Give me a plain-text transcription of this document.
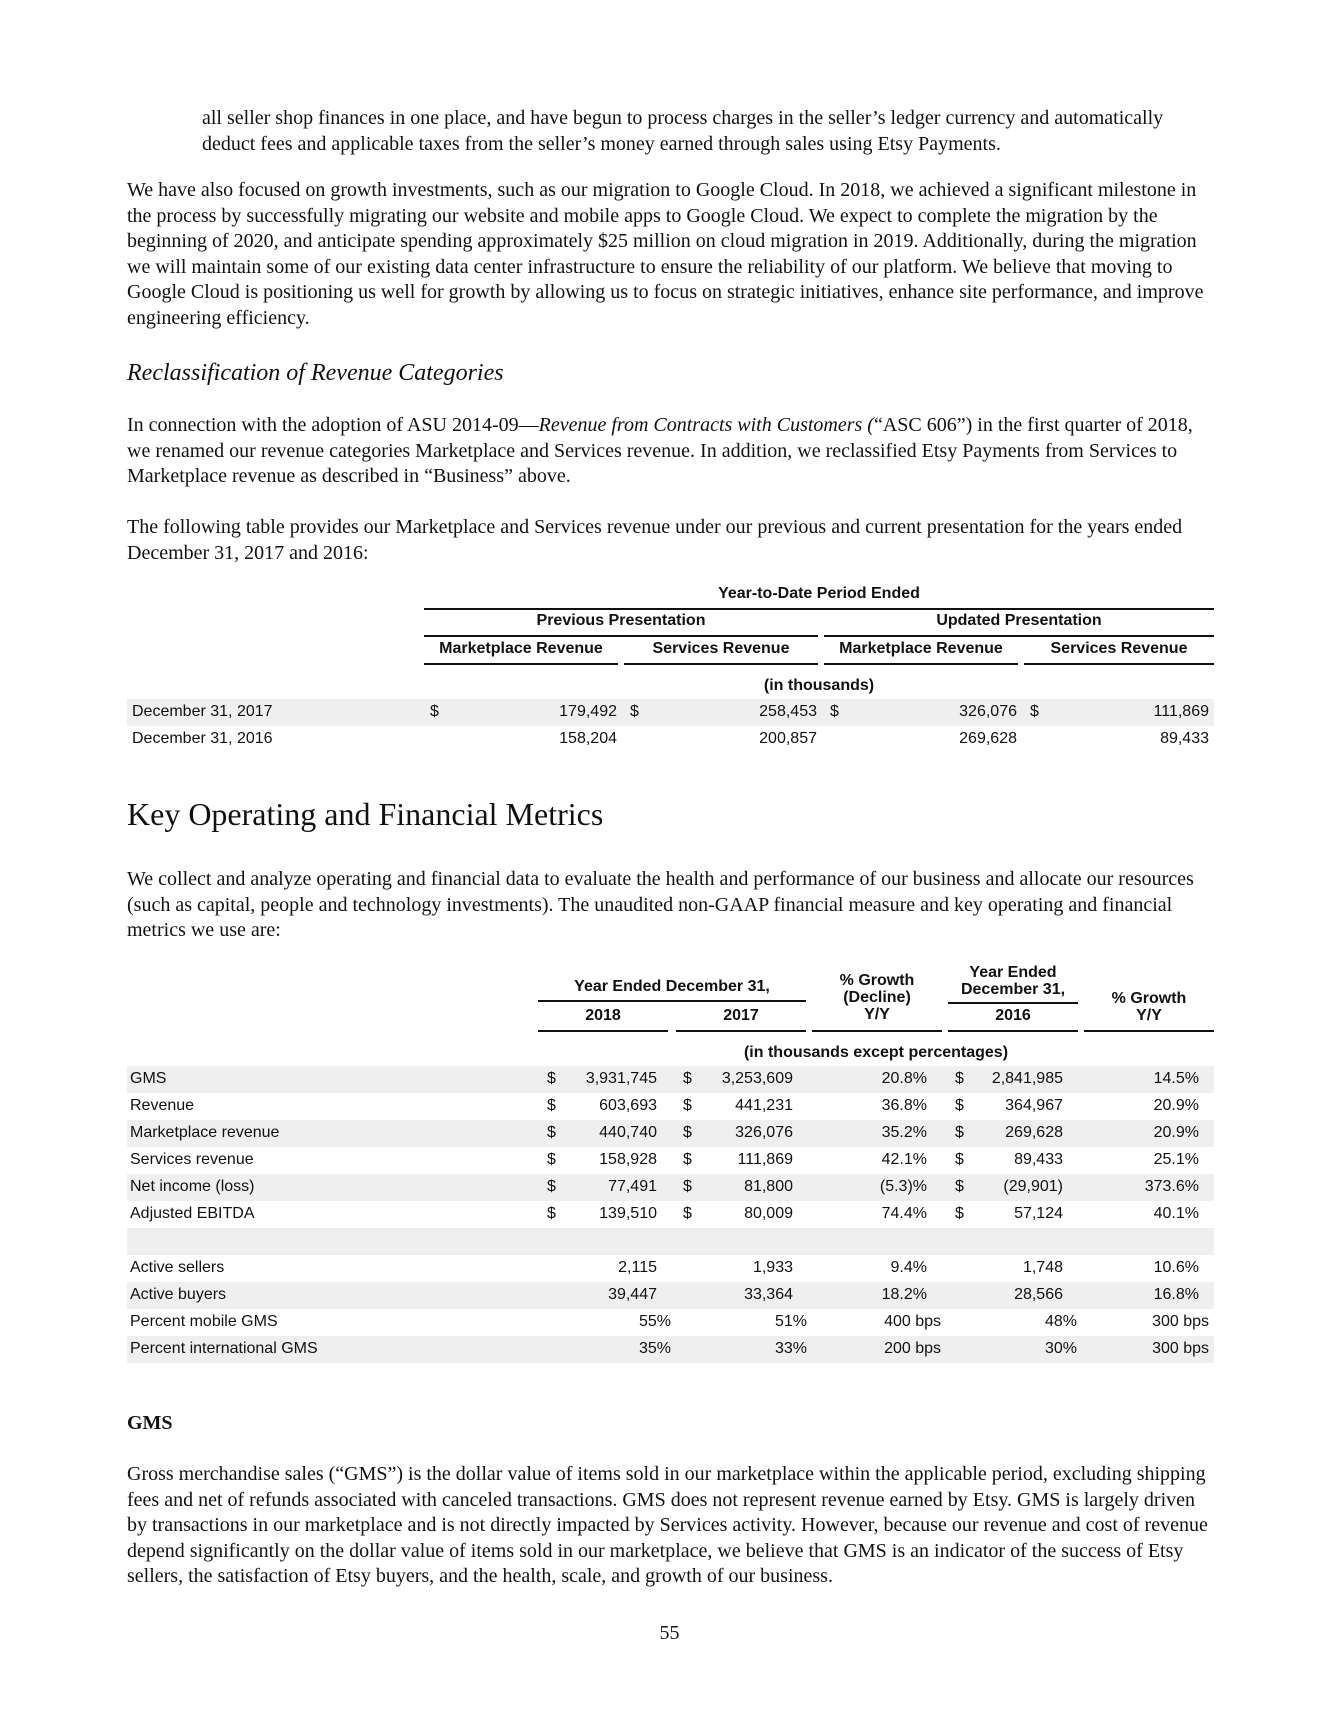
all seller shop finances in one place, and have begun to process charges in the seller’s ledger currency and automatically deduct fees and applicable taxes from the seller’s money earned through sales using Etsy Payments.

We have also focused on growth investments, such as our migration to Google Cloud. In 2018, we achieved a significant milestone in the process by successfully migrating our website and mobile apps to Google Cloud. We expect to complete the migration by the beginning of 2020, and anticipate spending approximately $25 million on cloud migration in 2019. Additionally, during the migration we will maintain some of our existing data center infrastructure to ensure the reliability of our platform. We believe that moving to Google Cloud is positioning us well for growth by allowing us to focus on strategic initiatives, enhance site performance, and improve engineering efficiency.

Reclassification of Revenue Categories

In connection with the adoption of ASU 2014-09—Revenue from Contracts with Customers (“ASC 606”) in the first quarter of 2018, we renamed our revenue categories Marketplace and Services revenue. In addition, we reclassified Etsy Payments from Services to Marketplace revenue as described in “Business” above.

The following table provides our Marketplace and Services revenue under our previous and current presentation for the years ended December 31, 2017 and 2016:

Year-to-Date Period Ended
Previous Presentation	Updated Presentation
Marketplace Revenue	Services Revenue	Marketplace Revenue	Services Revenue
(in thousands)
December 31, 2017	$	179,492 $	258,453 $	326,076 $	111,869
December 31, 2016	158,204	200,857	269,628	89,433
Key Operating and Financial Metrics

We collect and analyze operating and financial data to evaluate the health and performance of our business and allocate our resources (such as capital, people and technology investments). The unaudited non-GAAP financial measure and key operating and financial metrics we use are:

Year Ended December 31,
2018	2017
% Growth
(Decline)
Y/Y
Year Ended
December 31,
2016
% Growth
Y/Y
(in thousands except percentages)
GMS	$	3,931,745 $	3,253,609	20.8% $	2,841,985	14.5%
Revenue	$	603,693 $	441,231	36.8% $	364,967	20.9%
Marketplace revenue	$	440,740 $	326,076	35.2% $	269,628	20.9%
Services revenue	$	158,928 $	111,869	42.1% $	89,433	25.1%
Net income (loss)	$	77,491 $	81,800	(5.3)% $	(29,901)	373.6%
Adjusted EBITDA	$	139,510 $	80,009	74.4% $	57,124	40.1%
Active sellers	2,115	1,933	9.4%	1,748	10.6%
Active buyers	39,447	33,364	18.2%	28,566	16.8%
Percent mobile GMS	55%	51%	400 bps	48%	300 bps
Percent international GMS	35%	33%	200 bps	30%	300 bps
GMS

Gross merchandise sales (“GMS”) is the dollar value of items sold in our marketplace within the applicable period, excluding shipping fees and net of refunds associated with canceled transactions. GMS does not represent revenue earned by Etsy. GMS is largely driven by transactions in our marketplace and is not directly impacted by Services activity. However, because our revenue and cost of revenue depend significantly on the dollar value of items sold in our marketplace, we believe that GMS is an indicator of the success of Etsy sellers, the satisfaction of Etsy buyers, and the health, scale, and growth of our business.

55
